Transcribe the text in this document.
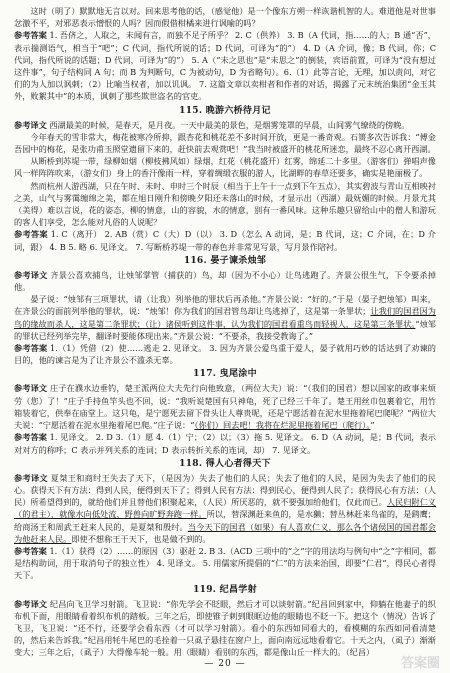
这时（明了）默默地无言以对。回来思考他的话，（感觉他）是一个像东方朔一样诙谐机智的人。难道他是对世事忿激不平，对邪恶表示憎恨的人吗？因而假借柑橘来进行讽喻的吗？

参考答案 1. 吾侪之，人取之，未闻有言，而独不足子所乎？ 2. C（供养） 3. B（A 代词，指……的人；B 通“否”，表示揣测语气，相当于“吧”；C 代词，指代所说的话；D 代词，可译为“的”） 4. D（A 介词，像；B 代词，你；C 代词，指代所说的话题；D 代词，可译为“的”） 5. A（“未之思也”是“未思之”的倒装，宾语前置，可译为“没有想过这件事”，句子结构同 A 句；而 B 为判断句，C 为被动句，D 为省略句）。6.（1）此等言论，无理，加以责问，对它们的为人加以讽刺；（2）比喻当权者，加以讥讽。 7. 这篇文章以卖柑者和作者的对话，揭露了元末统治集团“金玉其外，败絮其中”的本质，讽刺了那些欺世盗名的官吏。

115. 晚游六桥待月记

参考译文 西湖最美的时候，是春天，是月夜。一天中最美的景色，是烟雾笼罩的早晨，山间雾气缭绕的傍晚。

今年春天的雪非常大，梅花被寒冷所抑，跟杏花和桃花差不多时间开放，更是一番奇观。石篑多次告诉我：“傅金吾园中的梅花，是张功甫玉照堂遗留下来的，赶快前去观赏吧！”我当时被盛开的桃花所迷恋，最终不忍心离开西湖。

从断桥到苏堤一带，绿柳如烟（柳枝拂风如）绿烟，红花（桃花盛开）红雾，绵延二十多里。（游客们）弹唱声像风一样阵阵吹来，（游女们）身上的香汗像雨一样，穿着绸缎衣服的游人，比湖畔的春草还要多，确实是艳丽极了。

然而杭州人游西湖，只在午时、未时、申时三个时辰（相当于上午十一点到下午五点），其实碧波与青山互相映衬之美，山气与雾霭缠绵之美，都在旭日刚升和傍晚夕阳还未落山的时候，才显示出（西湖）最妩媚的时候。月景尤其（美得）难以言说，花的姿态，柳的情意，山的容貌，水的情意，别有一番风味。这种乐趣只留给山中的僧人和游玩的客人们享受，怎么能对凡俗的人说呢？

参考答案 1. C（离开） 2. AB（赏）C（大）D（以） 3. D（怎么 A 动词，是；B 代词，这；C 介词，在；D 介词，跟） 4. B 5. 略 6. 见译文。 7. 写断桥苏堤一带的春色并非常见写景，写月景作陪衬。

116. 晏子谏杀烛邹

参考译文 齐景公喜欢捕鸟，让烛邹掌管（捕获的）鸟，却（因为不小心）让鸟逃跑了。齐景公很生气，下令要杀掉他。

晏子说：“烛邹有三项罪状，请（让我）列举他的罪状后再杀他。”齐景公说：“好的。”于是（晏子把烛邹）叫来，在齐景公的面前列举他的罪状，说：“烛邹！你为我们的国君管鸟却让鸟逃掉了，这是第一条罪状；让我们的国君因为鸟的缘故而杀人，这是第二条罪状；（让）诸侯听到这件事，认为我们的国君看重鸟而轻视人，这是第三条罪状。”烛邹的罪状已经列举完毕，翻译时要能体现出来。”齐景公说：“不要杀，我接受教诲了。”

参考答案 1.（1）凭借（2）使……逃走 2. 见译文。 3. 因为齐景公爱鸟重于爱人，晏子就用巧妙的话达到了劝谏的目的，他的谏言是为了让齐景公不滥杀无辜。

117. 曳尾涂中

参考译文 庄子在濮水边垂钓，楚王派两位大夫先行向他致意，（两位大夫）说：“（我们的国君）想以国家的政事来烦劳（您）了！”庄子手持鱼竿头也不回，说：“我听说楚国有只神龟，死了已经三千年了。楚王用丝巾包裹着它，用竹箱装着它，供奉在庙堂上。这只龟，是宁愿死去留下骨头让人尊贵呢，还是宁愿活着在泥水里拖着尾巴爬呢？”两位大夫说：“宁愿活着在泥水里拖着尾巴爬。”庄子说：“（你们）回去吧！我将在烂泥里拖着尾巴（爬行）。”

参考答案 1. 见译文。 2. D 3.（1）愿 4.（1）宁；（2）以；（3）拖 5. 见译文。 6. D（A 动词，是；B 代词，表示对对方的称呼；C 表示并列关系的连词；D 表示转折关系的连词，却） 7. 见译文。

118. 得人心者得天下

参考译文 夏桀王和商纣王失去了天下，（是因为）失去了他们的人民；失去了他们的人民，是因为失去了他们的民心。获得天下有方法：得到人民，便得到天下了；得到人民有方法：得到民心，便得到人民了；获得民心有方法：（人民）所希望得到的，就给他们并且替他们积聚起来，（人民）所厌恶的，就不要强加给他们，仅此而已。人民归附仁义（的君主），就像水向低处流、野兽向旷野奔跑一样。所以，替深渊赶来鱼的，是水獭；替丛林赶来鸟雀的，是鹞鹰；给商汤王和周武王赶来人民的，是夏桀和殷纣。当今天下的国君（如果）有人喜欢仁义，那么各个诸侯国的国君都会为他赶来人民。即使不想称王于天下，也是做不到的。

参考答案 1.（1）获得（2）……的原因（3）驱赶 2. B 3.（ACD 三项中的“之”字的用法均与例句中“之”字相同，都是结构助词，用于取消句子的独立性） 4. 见译文。 5. 用儒家所提倡的“仁”的方法来治国，即要“仁君”，得民心者得天下。

119. 纪昌学射

参考译文 纪昌向飞卫学习射箭。飞卫说：“你先学会不眨眼，然后才可以谈射箭。”纪昌回到家中，仰躺在他妻子的织布机下面，用眼睛看着织布机的踏板。三年之后，即使锥子刺到眼眶边他的眼睛也不眨一下。把这个（情况）告诉了飞卫，飞卫说：“还不行，还要学会看东西（才可以学习射箭）。看小的东西如同看大的，看模糊的东西如同看清楚的，然后来告诉我。”纪昌用牦牛尾巴的毛拴着一只虱子悬挂在窗户上，面向南远远地看着它。十天之内，（虱子）渐渐变大；三年之后，（虱子）大得像车轮一般。用（眼睛）看别的东西，都是像山丘一样大的。（纪昌）

— 20 —	答案圈
